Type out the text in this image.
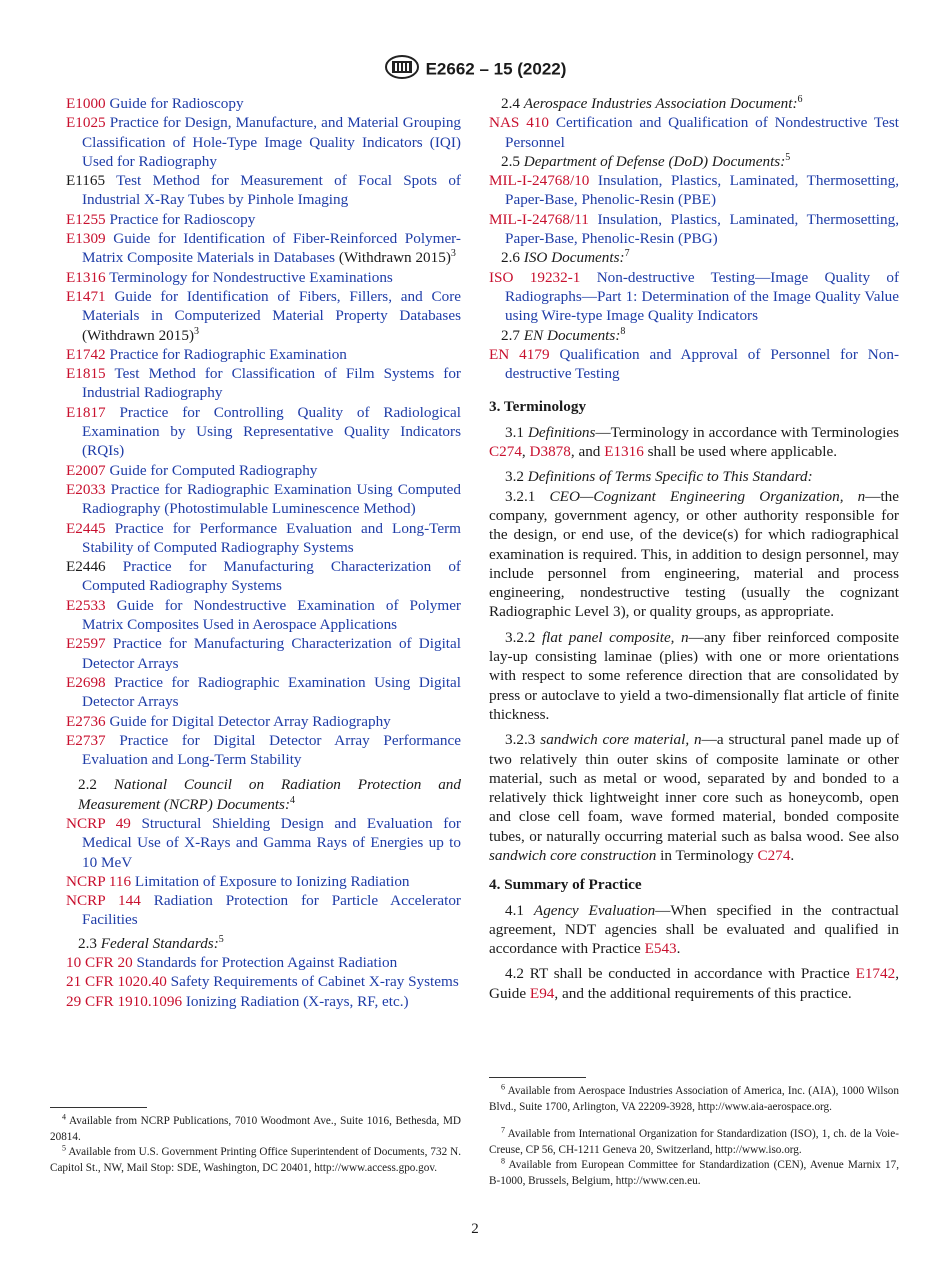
E2662 – 15 (2022)

E1000 Guide for Radioscopy

E1025 Practice for Design, Manufacture, and Material Grouping Classification of Hole-Type Image Quality Indicators (IQI) Used for Radiography

E1165 Test Method for Measurement of Focal Spots of Industrial X-Ray Tubes by Pinhole Imaging

E1255 Practice for Radioscopy

E1309 Guide for Identification of Fiber-Reinforced Polymer-Matrix Composite Materials in Databases (Withdrawn 2015)$^3$

E1316 Terminology for Nondestructive Examinations

E1471 Guide for Identification of Fibers, Fillers, and Core Materials in Computerized Material Property Databases (Withdrawn 2015)$^3$

E1742 Practice for Radiographic Examination

E1815 Test Method for Classification of Film Systems for Industrial Radiography

E1817 Practice for Controlling Quality of Radiological Examination by Using Representative Quality Indicators (RQIs)

E2007 Guide for Computed Radiography

E2033 Practice for Radiographic Examination Using Computed Radiography (Photostimulable Luminescence Method)

E2445 Practice for Performance Evaluation and Long-Term Stability of Computed Radiography Systems

E2446 Practice for Manufacturing Characterization of Computed Radiography Systems

E2533 Guide for Nondestructive Examination of Polymer Matrix Composites Used in Aerospace Applications

E2597 Practice for Manufacturing Characterization of Digital Detector Arrays

E2698 Practice for Radiographic Examination Using Digital Detector Arrays

E2736 Guide for Digital Detector Array Radiography

E2737 Practice for Digital Detector Array Performance Evaluation and Long-Term Stability

2.2 National Council on Radiation Protection and Measurement (NCRP) Documents:$^4$

NCRP 49 Structural Shielding Design and Evaluation for Medical Use of X-Rays and Gamma Rays of Energies up to 10 MeV

NCRP 116 Limitation of Exposure to Ionizing Radiation

NCRP 144 Radiation Protection for Particle Accelerator Facilities

2.3 Federal Standards:$^5$

10 CFR 20 Standards for Protection Against Radiation

21 CFR 1020.40 Safety Requirements of Cabinet X-ray Systems

29 CFR 1910.1096 Ionizing Radiation (X-rays, RF, etc.)

$^4$ Available from NCRP Publications, 7010 Woodmont Ave., Suite 1016, Bethesda, MD 20814.

$^5$ Available from U.S. Government Printing Office Superintendent of Documents, 732 N. Capitol St., NW, Mail Stop: SDE, Washington, DC 20401, http://www.access.gpo.gov.

2.4 Aerospace Industries Association Document:$^6$

NAS 410 Certification and Qualification of Nondestructive Test Personnel

2.5 Department of Defense (DoD) Documents:$^5$

MIL-I-24768/10 Insulation, Plastics, Laminated, Thermosetting, Paper-Base, Phenolic-Resin (PBE)

MIL-I-24768/11 Insulation, Plastics, Laminated, Thermosetting, Paper-Base, Phenolic-Resin (PBG)

2.6 ISO Documents:$^7$

ISO 19232-1 Non-destructive Testing—Image Quality of Radiographs—Part 1: Determination of the Image Quality Value using Wire-type Image Quality Indicators

2.7 EN Documents:$^8$

EN 4179 Qualification and Approval of Personnel for Non-destructive Testing

3. Terminology

3.1 Definitions—Terminology in accordance with Terminologies C274, D3878, and E1316 shall be used where applicable.

3.2 Definitions of Terms Specific to This Standard:

3.2.1 CEO—Cognizant Engineering Organization, n—the company, government agency, or other authority responsible for the design, or end use, of the device(s) for which radiographical examination is required. This, in addition to design personnel, may include personnel from engineering, material and process engineering, nondestructive testing (usually the cognizant Radiographic Level 3), or quality groups, as appropriate.

3.2.2 flat panel composite, n—any fiber reinforced composite lay-up consisting laminae (plies) with one or more orientations with respect to some reference direction that are consolidated by press or autoclave to yield a two-dimensionally flat article of finite thickness.

3.2.3 sandwich core material, n—a structural panel made up of two relatively thin outer skins of composite laminate or other material, such as metal or wood, separated by and bonded to a relatively thick lightweight inner core such as honeycomb, open and close cell foam, wave formed material, bonded composite tubes, or naturally occurring material such as balsa wood. See also sandwich core construction in Terminology C274.

4. Summary of Practice

4.1 Agency Evaluation—When specified in the contractual agreement, NDT agencies shall be evaluated and qualified in accordance with Practice E543.

4.2 RT shall be conducted in accordance with Practice E1742, Guide E94, and the additional requirements of this practice.

$^6$ Available from Aerospace Industries Association of America, Inc. (AIA), 1000 Wilson Blvd., Suite 1700, Arlington, VA 22209-3928, http://www.aia-aerospace.org.

$^7$ Available from International Organization for Standardization (ISO), 1, ch. de la Voie-Creuse, CP 56, CH-1211 Geneva 20, Switzerland, http://www.iso.org.

$^8$ Available from European Committee for Standardization (CEN), Avenue Marnix 17, B-1000, Brussels, Belgium, http://www.cen.eu.

2
